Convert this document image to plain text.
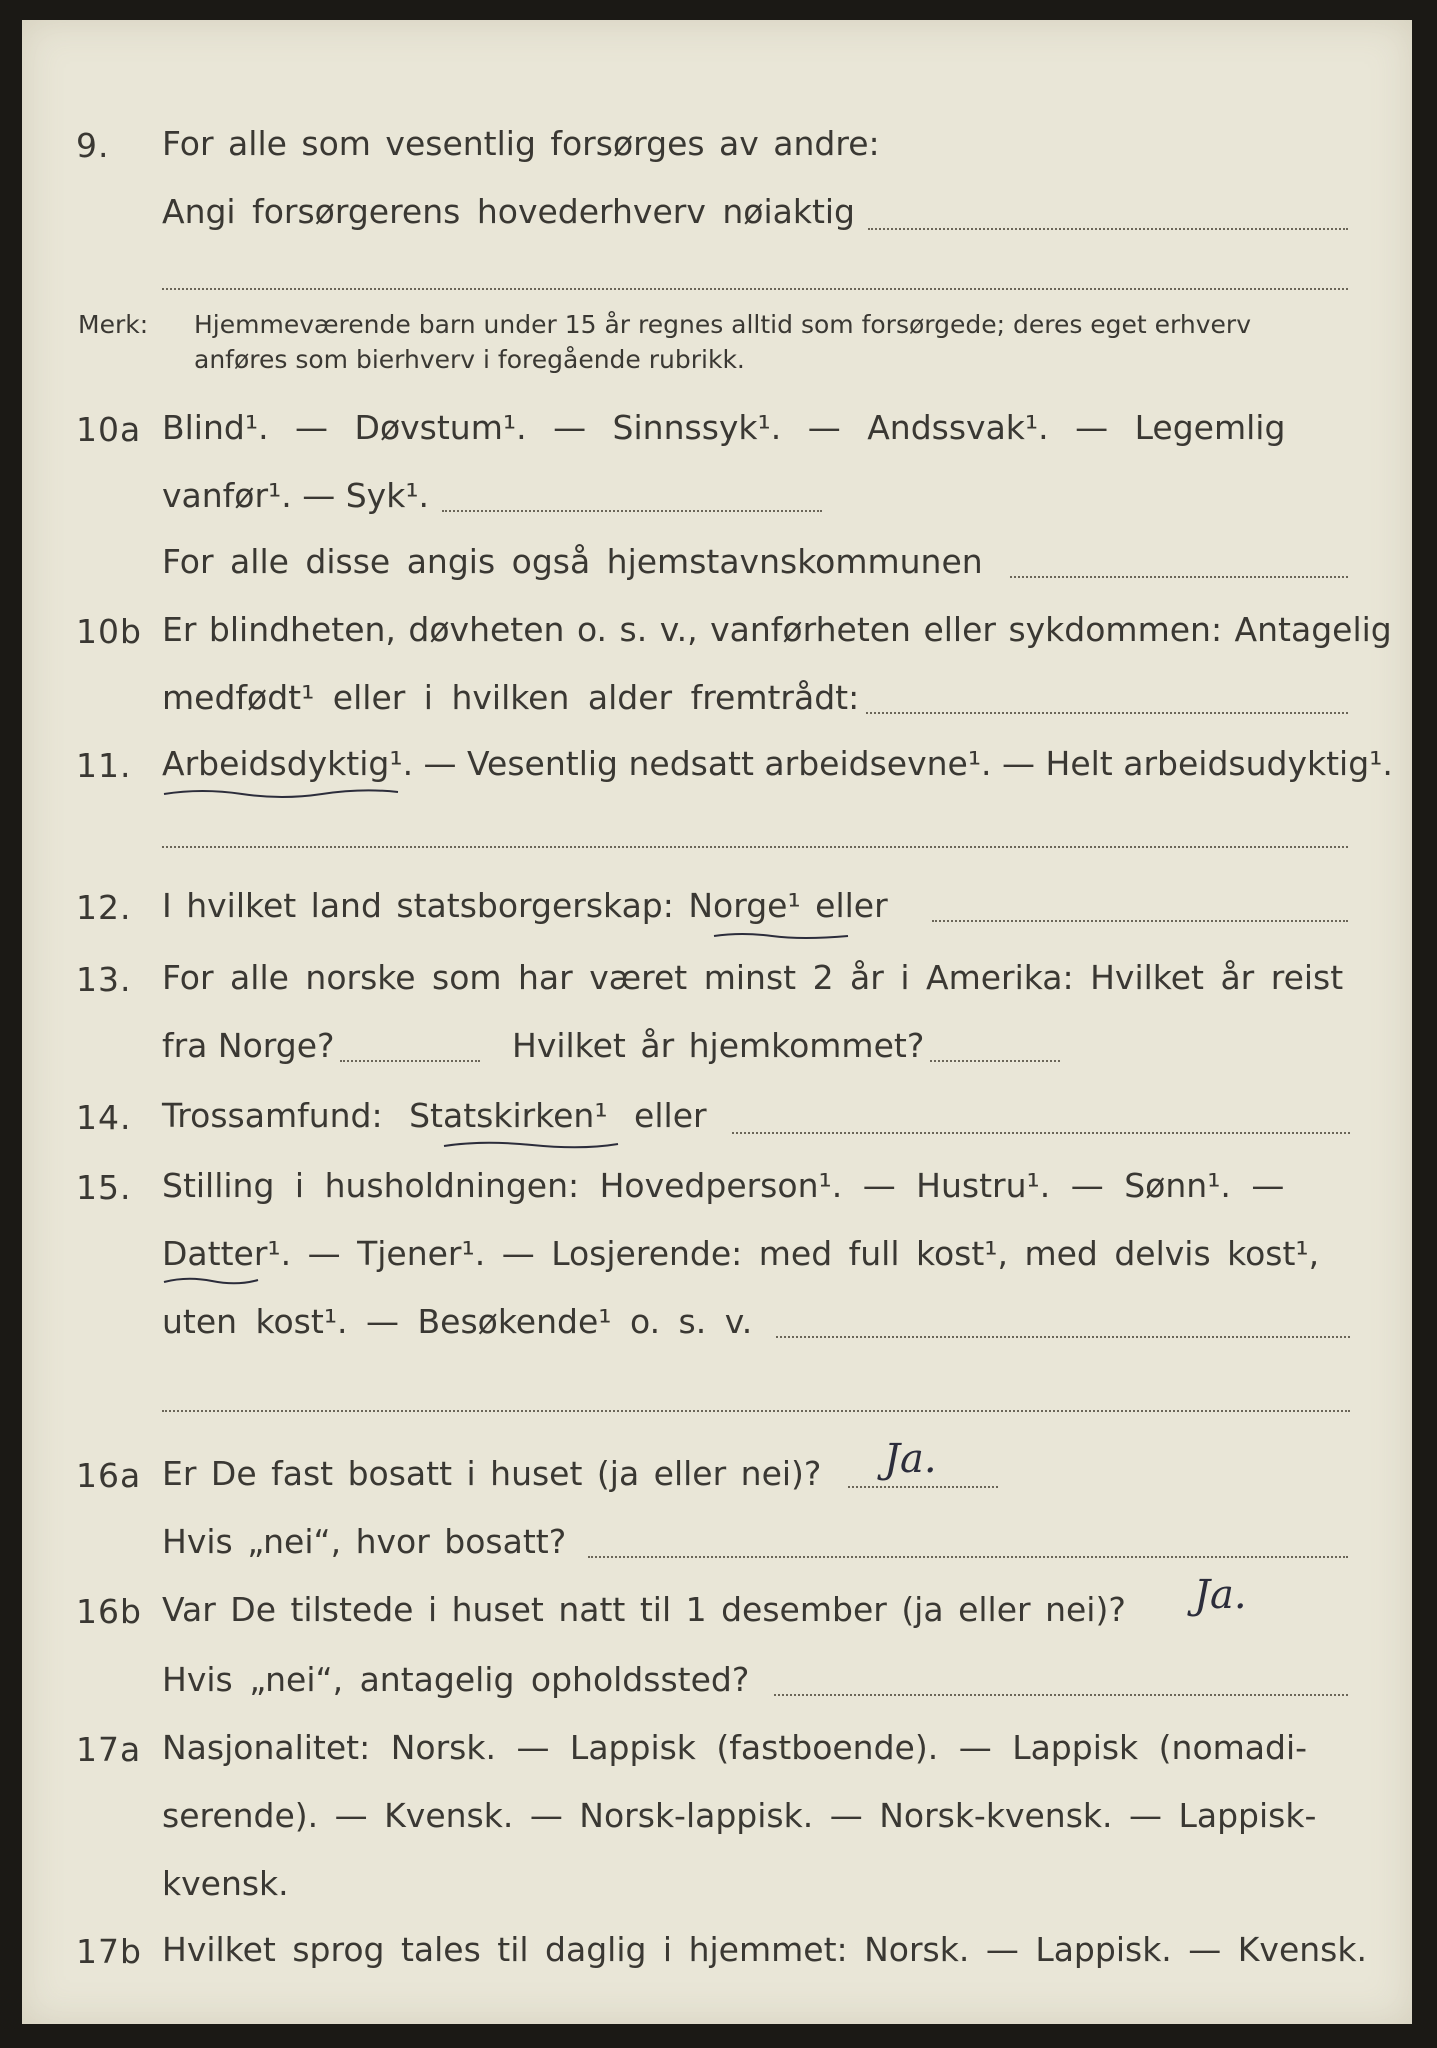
9. For alle som vesentlig forsørges av andre:
Angi forsørgerens hovederhverv nøiaktig
Merk: Hjemmeværende barn under 15 år regnes alltid som forsørgede; deres eget erhverv
anføres som bierhverv i foregående rubrikk.
10a Blind¹. — Døvstum¹. — Sinnssyk¹. — Andssvak¹. — Legemlig
vanfør¹. — Syk¹.
For alle disse angis også hjemstavnskommunen
10b Er blindheten, døvheten o. s. v., vanførheten eller sykdommen: Antagelig
medfødt¹ eller i hvilken alder fremtrådt:
11. Arbeidsdyktig¹. — Vesentlig nedsatt arbeidsevne¹. — Helt arbeidsudyktig¹.
12. I hvilket land statsborgerskap: Norge¹ eller
13. For alle norske som har været minst 2 år i Amerika: Hvilket år reist
fra Norge?	Hvilket år hjemkommet?
14. Trossamfund: Statskirken¹ eller
15. Stilling i husholdningen: Hovedperson¹. — Hustru¹. — Sønn¹. —
Datter¹. — Tjener¹. — Losjerende: med full kost¹, med delvis kost¹,
uten kost¹. — Besøkende¹ o. s. v.
16a Er De fast bosatt i huset (ja eller nei)? Ja.
Hvis „nei“, hvor bosatt?
16b Var De tilstede i huset natt til 1 desember (ja eller nei)? Ja.
Hvis „nei“, antagelig opholdssted?
17a Nasjonalitet: Norsk. — Lappisk (fastboende). — Lappisk (nomadi-
serende). — Kvensk. — Norsk-lappisk. — Norsk-kvensk. — Lappisk-
kvensk.
17b Hvilket sprog tales til daglig i hjemmet: Norsk. — Lappisk. — Kvensk.
